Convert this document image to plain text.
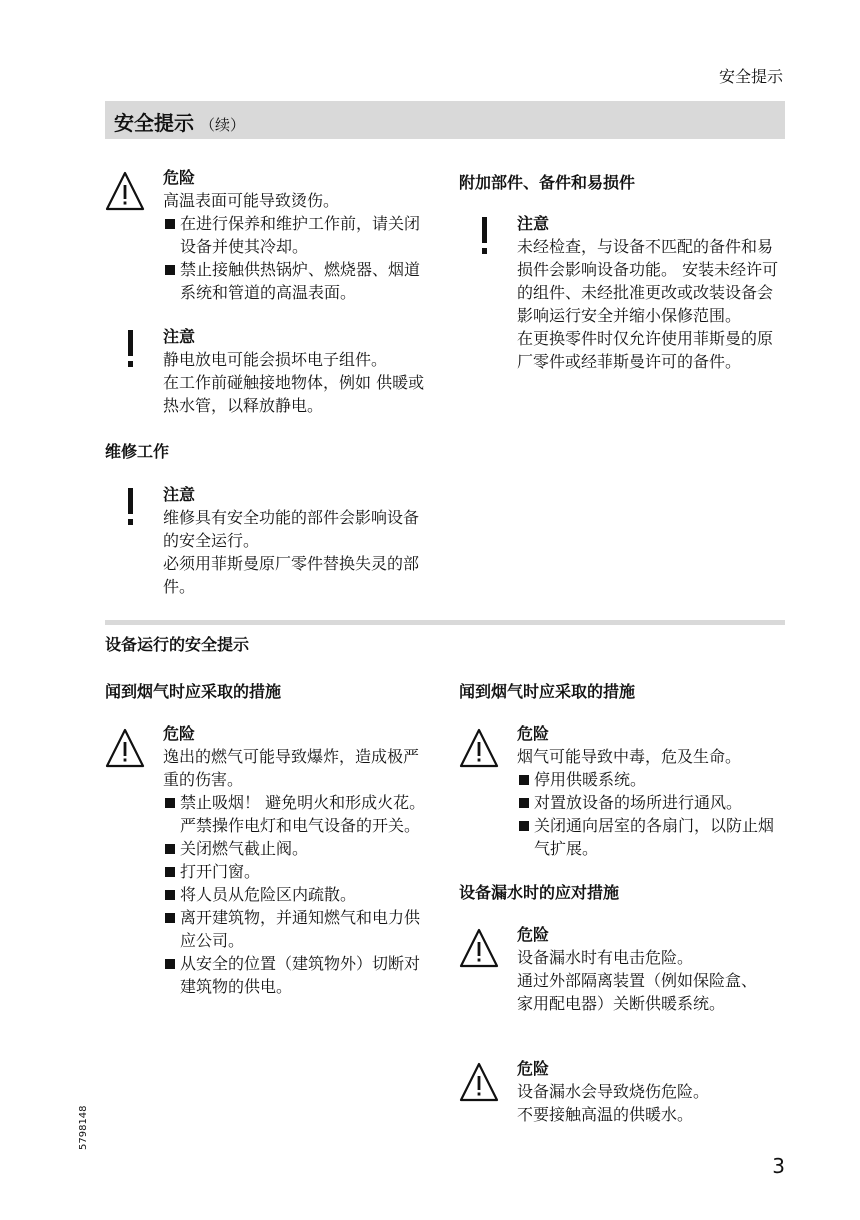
安全提示
安全提示 （续）
危险
高温表面可能导致烫伤。
在进行保养和维护工作前，请关闭设备并使其冷却。
禁止接触供热锅炉、燃烧器、烟道系统和管道的高温表面。
注意
静电放电可能会损坏电子组件。
在工作前碰触接地物体，例如 供暖或热水管，以释放静电。
维修工作
注意
维修具有安全功能的部件会影响设备的安全运行。
必须用菲斯曼原厂零件替换失灵的部件。
附加部件、备件和易损件
注意
未经检查，与设备不匹配的备件和易损件会影响设备功能。 安装未经许可的组件、未经批准更改或改装设备会影响运行安全并缩小保修范围。
在更换零件时仅允许使用菲斯曼的原厂零件或经菲斯曼许可的备件。
设备运行的安全提示
闻到烟气时应采取的措施
危险
逸出的燃气可能导致爆炸，造成极严重的伤害。
禁止吸烟！ 避免明火和形成火花。 严禁操作电灯和电气设备的开关。
关闭燃气截止阀。
打开门窗。
将人员从危险区内疏散。
离开建筑物，并通知燃气和电力供应公司。
从安全的位置（建筑物外）切断对建筑物的供电。
闻到烟气时应采取的措施
危险
烟气可能导致中毒，危及生命。
停用供暖系统。
对置放设备的场所进行通风。
关闭通向居室的各扇门，以防止烟气扩展。
设备漏水时的应对措施
危险
设备漏水时有电击危险。
通过外部隔离装置（例如保险盒、家用配电器）关断供暖系统。
危险
设备漏水会导致烧伤危险。
不要接触高温的供暖水。
5798148
3
